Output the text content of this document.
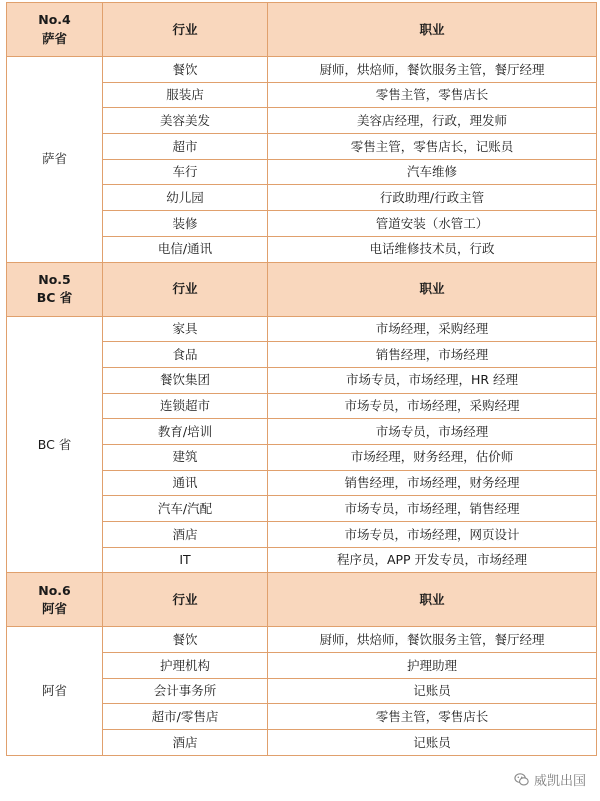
No.4
萨省	行业	职业
萨省	餐饮	厨师，烘焙师，餐饮服务主管，餐厅经理
	服装店	零售主管，零售店长
	美容美发	美容店经理，行政，理发师
	超市	零售主管，零售店长，记账员
	车行	汽车维修
	幼儿园	行政助理/行政主管
	装修	管道安装（水管工）
	电信/通讯	电话维修技术员，行政

No.5
BC 省	行业	职业
BC 省	家具	市场经理，采购经理
	食品	销售经理，市场经理
	餐饮集团	市场专员，市场经理，HR 经理
	连锁超市	市场专员，市场经理，采购经理
	教育/培训	市场专员，市场经理
	建筑	市场经理，财务经理，估价师
	通讯	销售经理，市场经理，财务经理
	汽车/汽配	市场专员，市场经理，销售经理
	酒店	市场专员，市场经理，网页设计
	IT	程序员，APP 开发专员，市场经理

No.6
阿省	行业	职业
阿省	餐饮	厨师，烘焙师，餐饮服务主管，餐厅经理
	护理机构	护理助理
	会计事务所	记账员
	超市/零售店	零售主管，零售店长
	酒店	记账员
威凯出国
